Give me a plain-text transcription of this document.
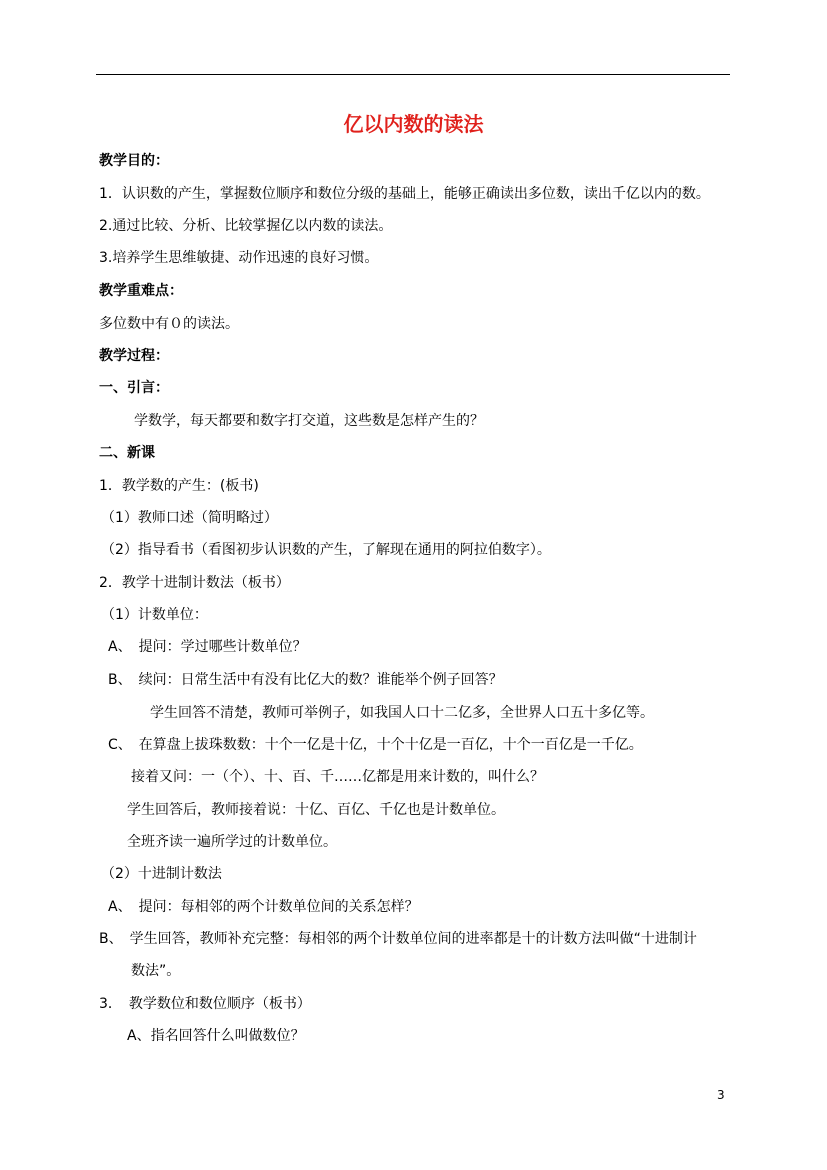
亿以内数的读法
教学目的：
1．认识数的产生，掌握数位顺序和数位分级的基础上，能够正确读出多位数，读出千亿以内的数。
2.通过比较、分析、比较掌握亿以内数的读法。
3.培养学生思维敏捷、动作迅速的良好习惯。
教学重难点：
多位数中有０的读法。
教学过程：
一、引言：
学数学，每天都要和数字打交道，这些数是怎样产生的？
二、新课
1．教学数的产生：(板书)
（1）教师口述（简明略过）
（2）指导看书（看图初步认识数的产生，了解现在通用的阿拉伯数字）。
2．教学十进制计数法（板书）
（1）计数单位：
A、　提问：学过哪些计数单位？
B、　续问：日常生活中有没有比亿大的数？谁能举个例子回答？
学生回答不清楚，教师可举例子，如我国人口十二亿多，全世界人口五十多亿等。
C、　在算盘上拔珠数数：十个一亿是十亿，十个十亿是一百亿，十个一百亿是一千亿。
接着又问：一（个）、十、百、千……亿都是用来计数的，叫什么？
学生回答后，教师接着说：十亿、百亿、千亿也是计数单位。
全班齐读一遍所学过的计数单位。
（2）十进制计数法
A、　提问：每相邻的两个计数单位间的关系怎样？
B、　学生回答，教师补充完整：每相邻的两个计数单位间的进率都是十的计数方法叫做“十进制计
数法”。
3．　教学数位和数位顺序（板书）
A、指名回答什么叫做数位？
3
